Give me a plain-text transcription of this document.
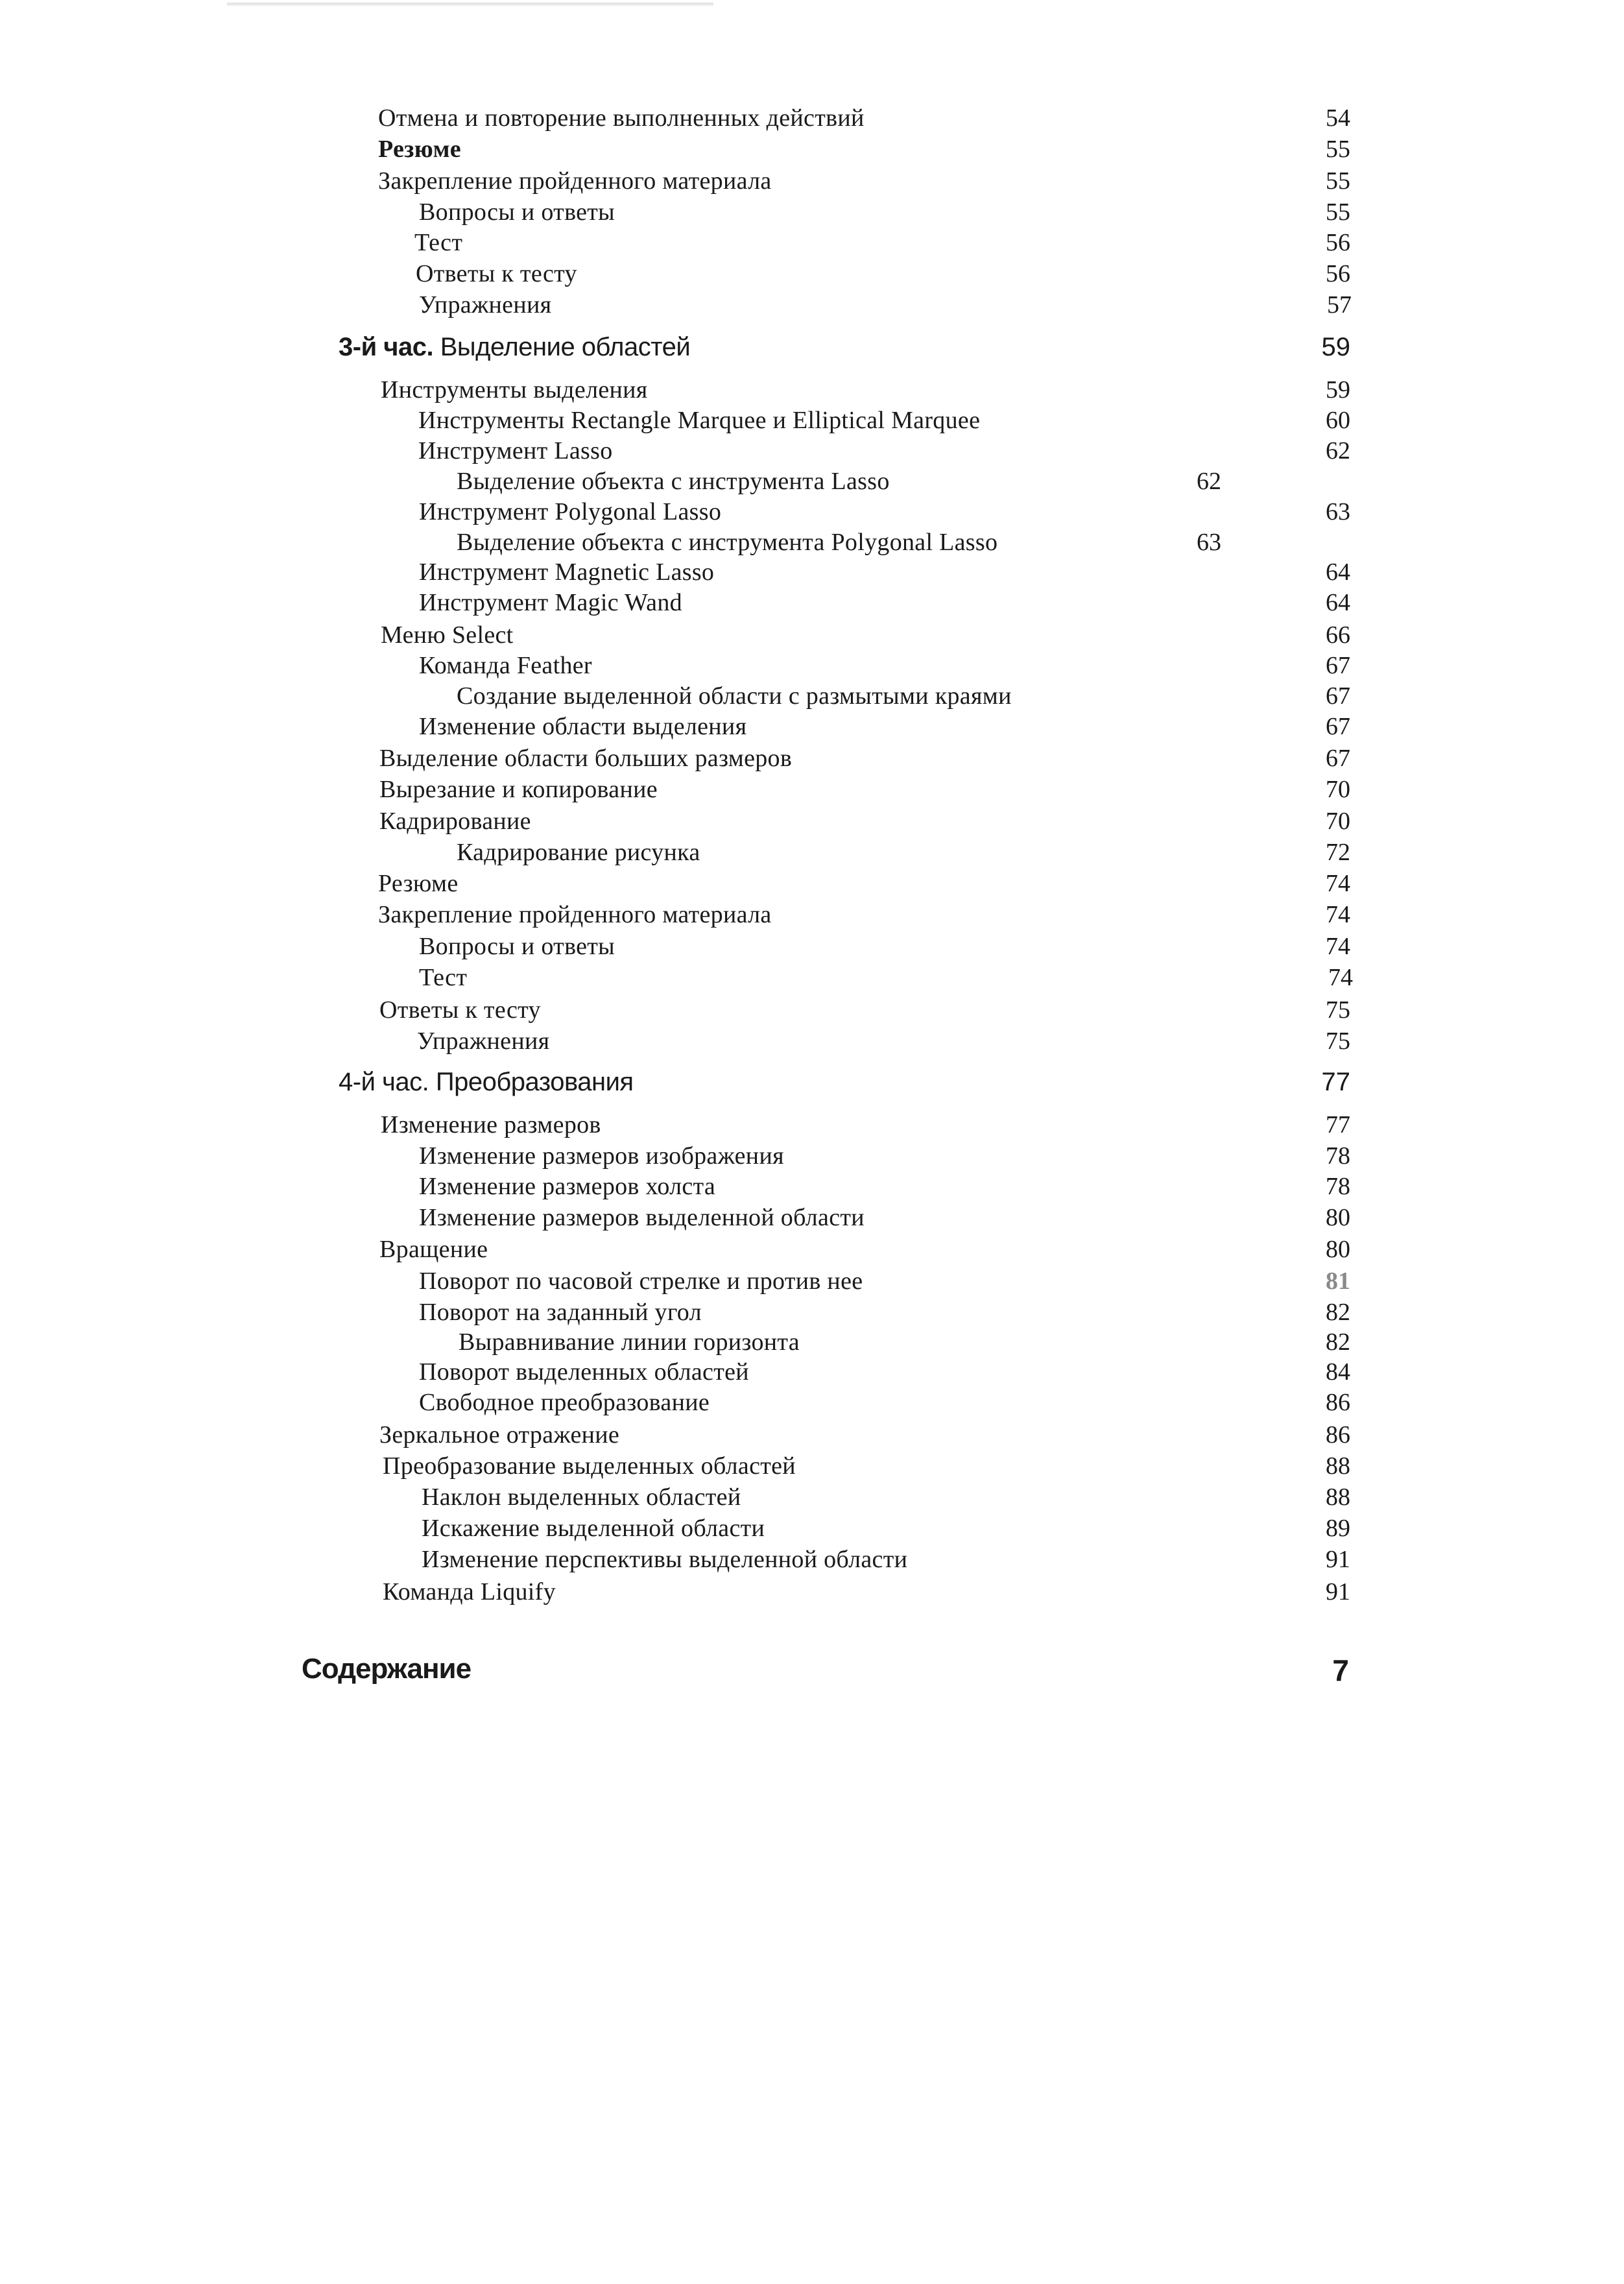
Отмена и повторение выполненных действий	54
Резюме	55
Закрепление пройденного материала	55
Вопросы и ответы	55
Тест	56
Ответы к тесту	56
Упражнения	57
3-й час. Выделение областей	59
Инструменты выделения	59
Инструменты Rectangle Marquee и Elliptical Marquee	60
Инструмент Lasso	62
Выделение объекта с инструмента Lasso	62
Инструмент Polygonal Lasso	63
Выделение объекта с инструмента Polygonal Lasso	63
Инструмент Magnetic Lasso	64
Инструмент Magic Wand	64
Меню Select	66
Команда Feather	67
Создание выделенной области с размытыми краями	67
Изменение области выделения	67
Выделение области больших размеров	67
Вырезание и копирование	70
Кадрирование	70
Кадрирование рисунка	72
Резюме	74
Закрепление пройденного материала	74
Вопросы и ответы	74
Тест	74
Ответы к тесту	75
Упражнения	75
4-й час. Преобразования	77
Изменение размеров	77
Изменение размеров изображения	78
Изменение размеров холста	78
Изменение размеров выделенной области	80
Вращение	80
Поворот по часовой стрелке и против нее	81
Поворот на заданный угол	82
Выравнивание линии горизонта	82
Поворот выделенных областей	84
Свободное преобразование	86
Зеркальное отражение	86
Преобразование выделенных областей	88
Наклон выделенных областей	88
Искажение выделенной области	89
Изменение перспективы выделенной области	91
Команда Liquify	91
Содержание	7
